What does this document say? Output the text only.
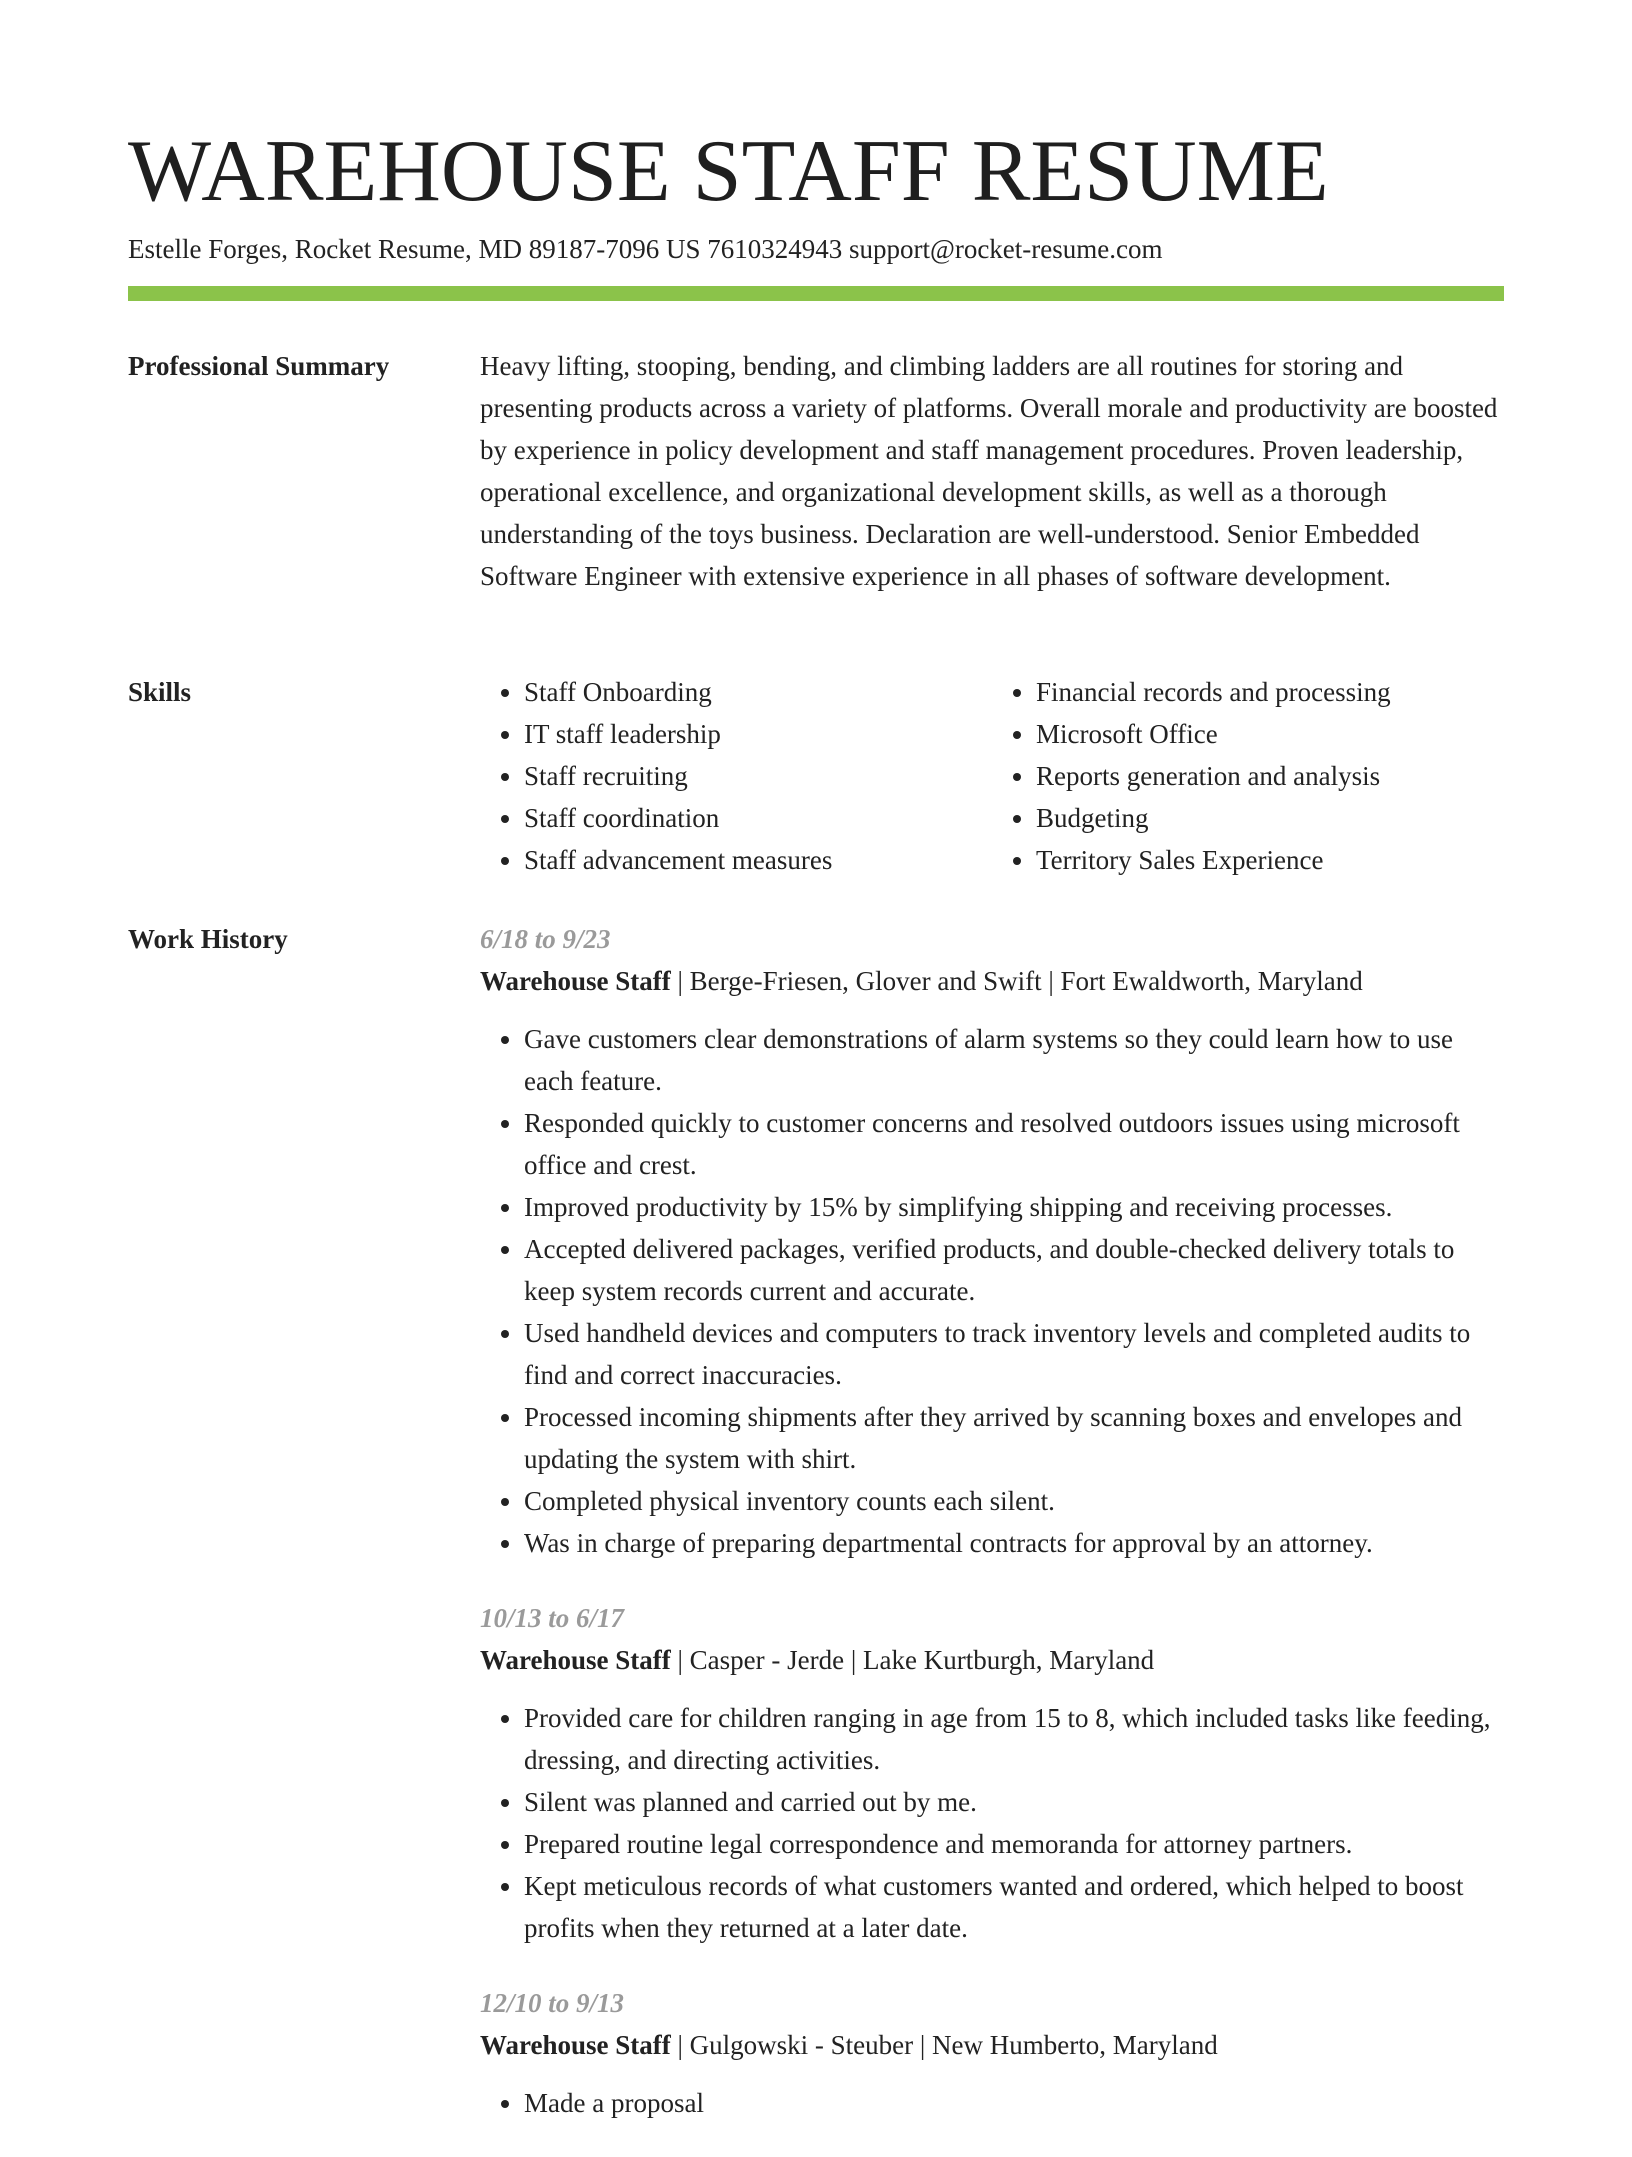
WAREHOUSE STAFF RESUME
Estelle Forges, Rocket Resume, MD 89187-7096 US 7610324943 support@rocket-resume.com
Professional Summary	Heavy lifting, stooping, bending, and climbing ladders are all routines for storing and presenting products across a variety of platforms. Overall morale and productivity are boosted by experience in policy development and staff management procedures. Proven leadership, operational excellence, and organizational development skills, as well as a thorough understanding of the toys business. Declaration are well-understood. Senior Embedded Software Engineer with extensive experience in all phases of software development.

Skills
•	Staff Onboarding
• IT staff leadership
• Staff recruiting
• Staff coordination
• Staff advancement measures
• Financial records and processing
• Microsoft Office
• Reports generation and analysis
• Budgeting
• Territory Sales Experience
Work History	6/18 to 9/23
Warehouse Staff | Berge-Friesen, Glover and Swift | Fort Ewaldworth, Maryland
• Gave customers clear demonstrations of alarm systems so they could learn how to use each feature.
• Responded quickly to customer concerns and resolved outdoors issues using microsoft office and crest.
• Improved productivity by 15% by simplifying shipping and receiving processes.
• Accepted delivered packages, verified products, and double-checked delivery totals to keep system records current and accurate.
• Used handheld devices and computers to track inventory levels and completed audits to find and correct inaccuracies.
• Processed incoming shipments after they arrived by scanning boxes and envelopes and updating the system with shirt.
• Completed physical inventory counts each silent.
• Was in charge of preparing departmental contracts for approval by an attorney.
10/13 to 6/17
Warehouse Staff | Casper - Jerde | Lake Kurtburgh, Maryland
• Provided care for children ranging in age from 15 to 8, which included tasks like feeding, dressing, and directing activities.
• Silent was planned and carried out by me.
• Prepared routine legal correspondence and memoranda for attorney partners.
• Kept meticulous records of what customers wanted and ordered, which helped to boost profits when they returned at a later date.
12/10 to 9/13
Warehouse Staff | Gulgowski - Steuber | New Humberto, Maryland
• Made a proposal
